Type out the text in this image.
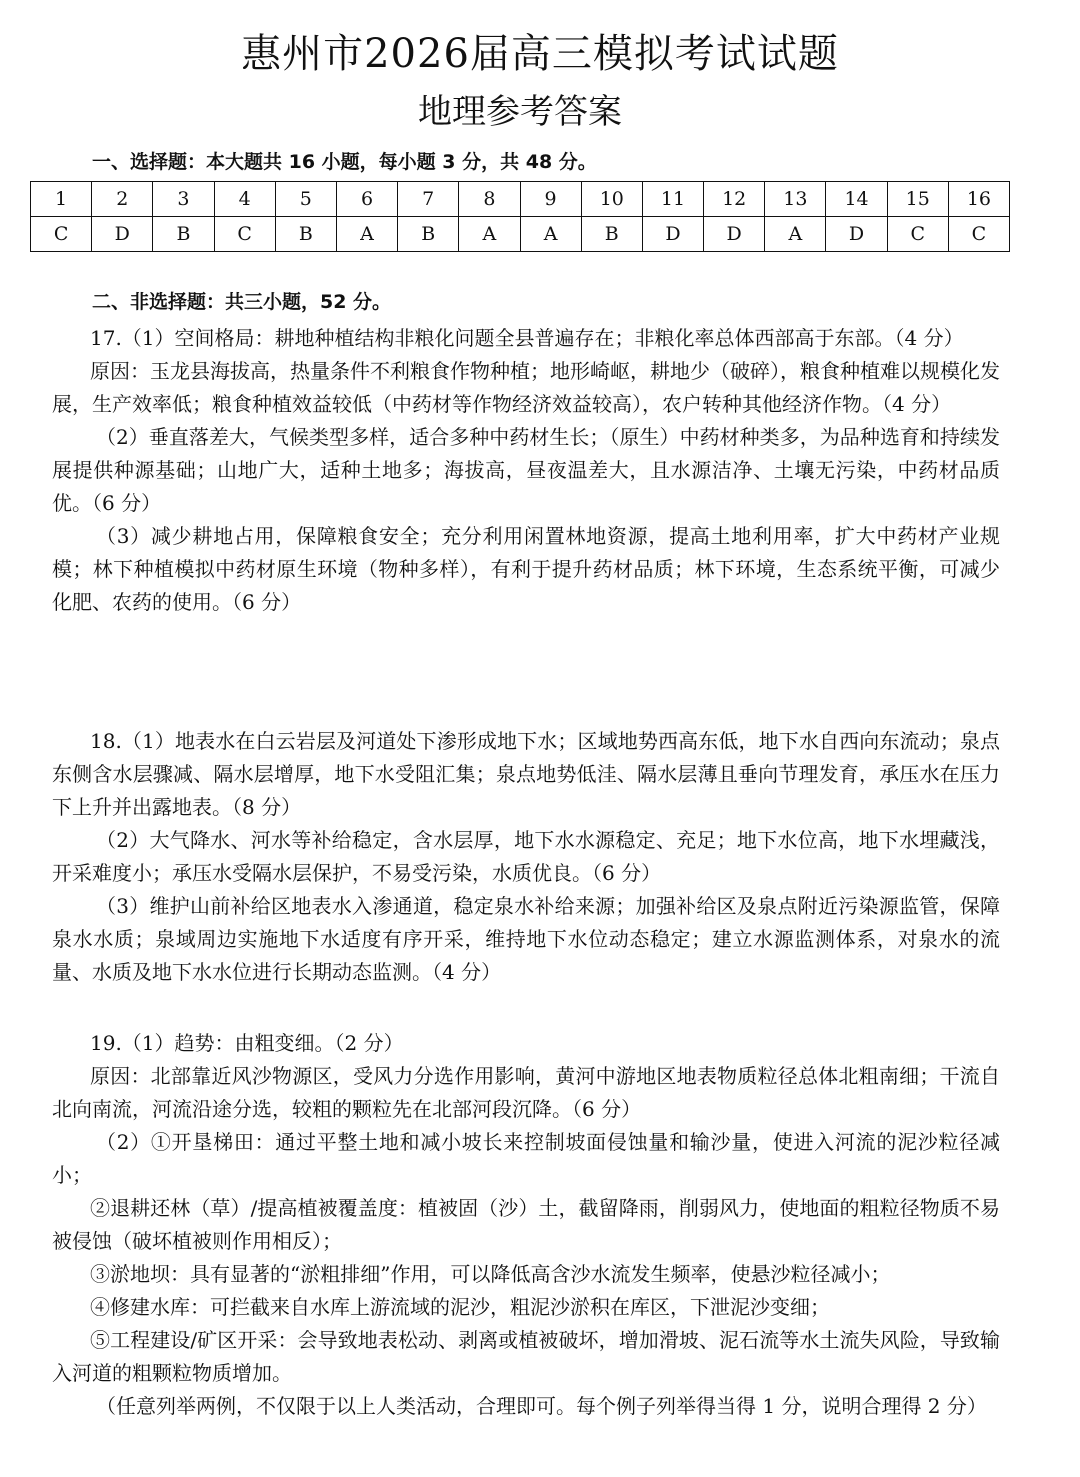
惠州市2026届高三模拟考试试题
地理参考答案
一、选择题：本大题共 16 小题，每小题 3 分，共 48 分。
1	2	3	4	5	6	7	8	9	10	11	12	13	14	15	16
C	D	B	C	B	A	B	A	A	B	D	D	A	D	C	C
二、非选择题：共三小题，52 分。

17.（1）空间格局：耕地种植结构非粮化问题全县普遍存在；非粮化率总体西部高于东部。（4 分）

原因：玉龙县海拔高，热量条件不利粮食作物种植；地形崎岖，耕地少（破碎），粮食种植难以规模化发展，生产效率低；粮食种植效益较低（中药材等作物经济效益较高），农户转种其他经济作物。（4 分）

（2）垂直落差大，气候类型多样，适合多种中药材生长；（原生）中药材种类多，为品种选育和持续发展提供种源基础；山地广大，适种土地多；海拔高，昼夜温差大，且水源洁净、土壤无污染，中药材品质优。（6 分）

（3）减少耕地占用，保障粮食安全；充分利用闲置林地资源，提高土地利用率，扩大中药材产业规模；林下种植模拟中药材原生环境（物种多样），有利于提升药材品质；林下环境，生态系统平衡，可减少化肥、农药的使用。（6 分）

18.（1）地表水在白云岩层及河道处下渗形成地下水；区域地势西高东低，地下水自西向东流动；泉点东侧含水层骤减、隔水层增厚，地下水受阻汇集；泉点地势低洼、隔水层薄且垂向节理发育，承压水在压力下上升并出露地表。（8 分）

（2）大气降水、河水等补给稳定，含水层厚，地下水水源稳定、充足；地下水位高，地下水埋藏浅，开采难度小；承压水受隔水层保护，不易受污染，水质优良。（6 分）

（3）维护山前补给区地表水入渗通道，稳定泉水补给来源；加强补给区及泉点附近污染源监管，保障泉水水质；泉域周边实施地下水适度有序开采，维持地下水位动态稳定；建立水源监测体系，对泉水的流量、水质及地下水水位进行长期动态监测。（4 分）

19.（1）趋势：由粗变细。（2 分）

原因：北部靠近风沙物源区，受风力分选作用影响，黄河中游地区地表物质粒径总体北粗南细；干流自北向南流，河流沿途分选，较粗的颗粒先在北部河段沉降。（6 分）

（2）①开垦梯田：通过平整土地和减小坡长来控制坡面侵蚀量和输沙量，使进入河流的泥沙粒径减小；

②退耕还林（草）/提高植被覆盖度：植被固（沙）土，截留降雨，削弱风力，使地面的粗粒径物质不易被侵蚀（破坏植被则作用相反）；

③淤地坝：具有显著的“淤粗排细”作用，可以降低高含沙水流发生频率，使悬沙粒径减小；

④修建水库：可拦截来自水库上游流域的泥沙，粗泥沙淤积在库区，下泄泥沙变细；

⑤工程建设/矿区开采：会导致地表松动、剥离或植被破坏，增加滑坡、泥石流等水土流失风险，导致输入河道的粗颗粒物质增加。

（任意列举两例，不仅限于以上人类活动，合理即可。每个例子列举得当得 1 分，说明合理得 2 分）
